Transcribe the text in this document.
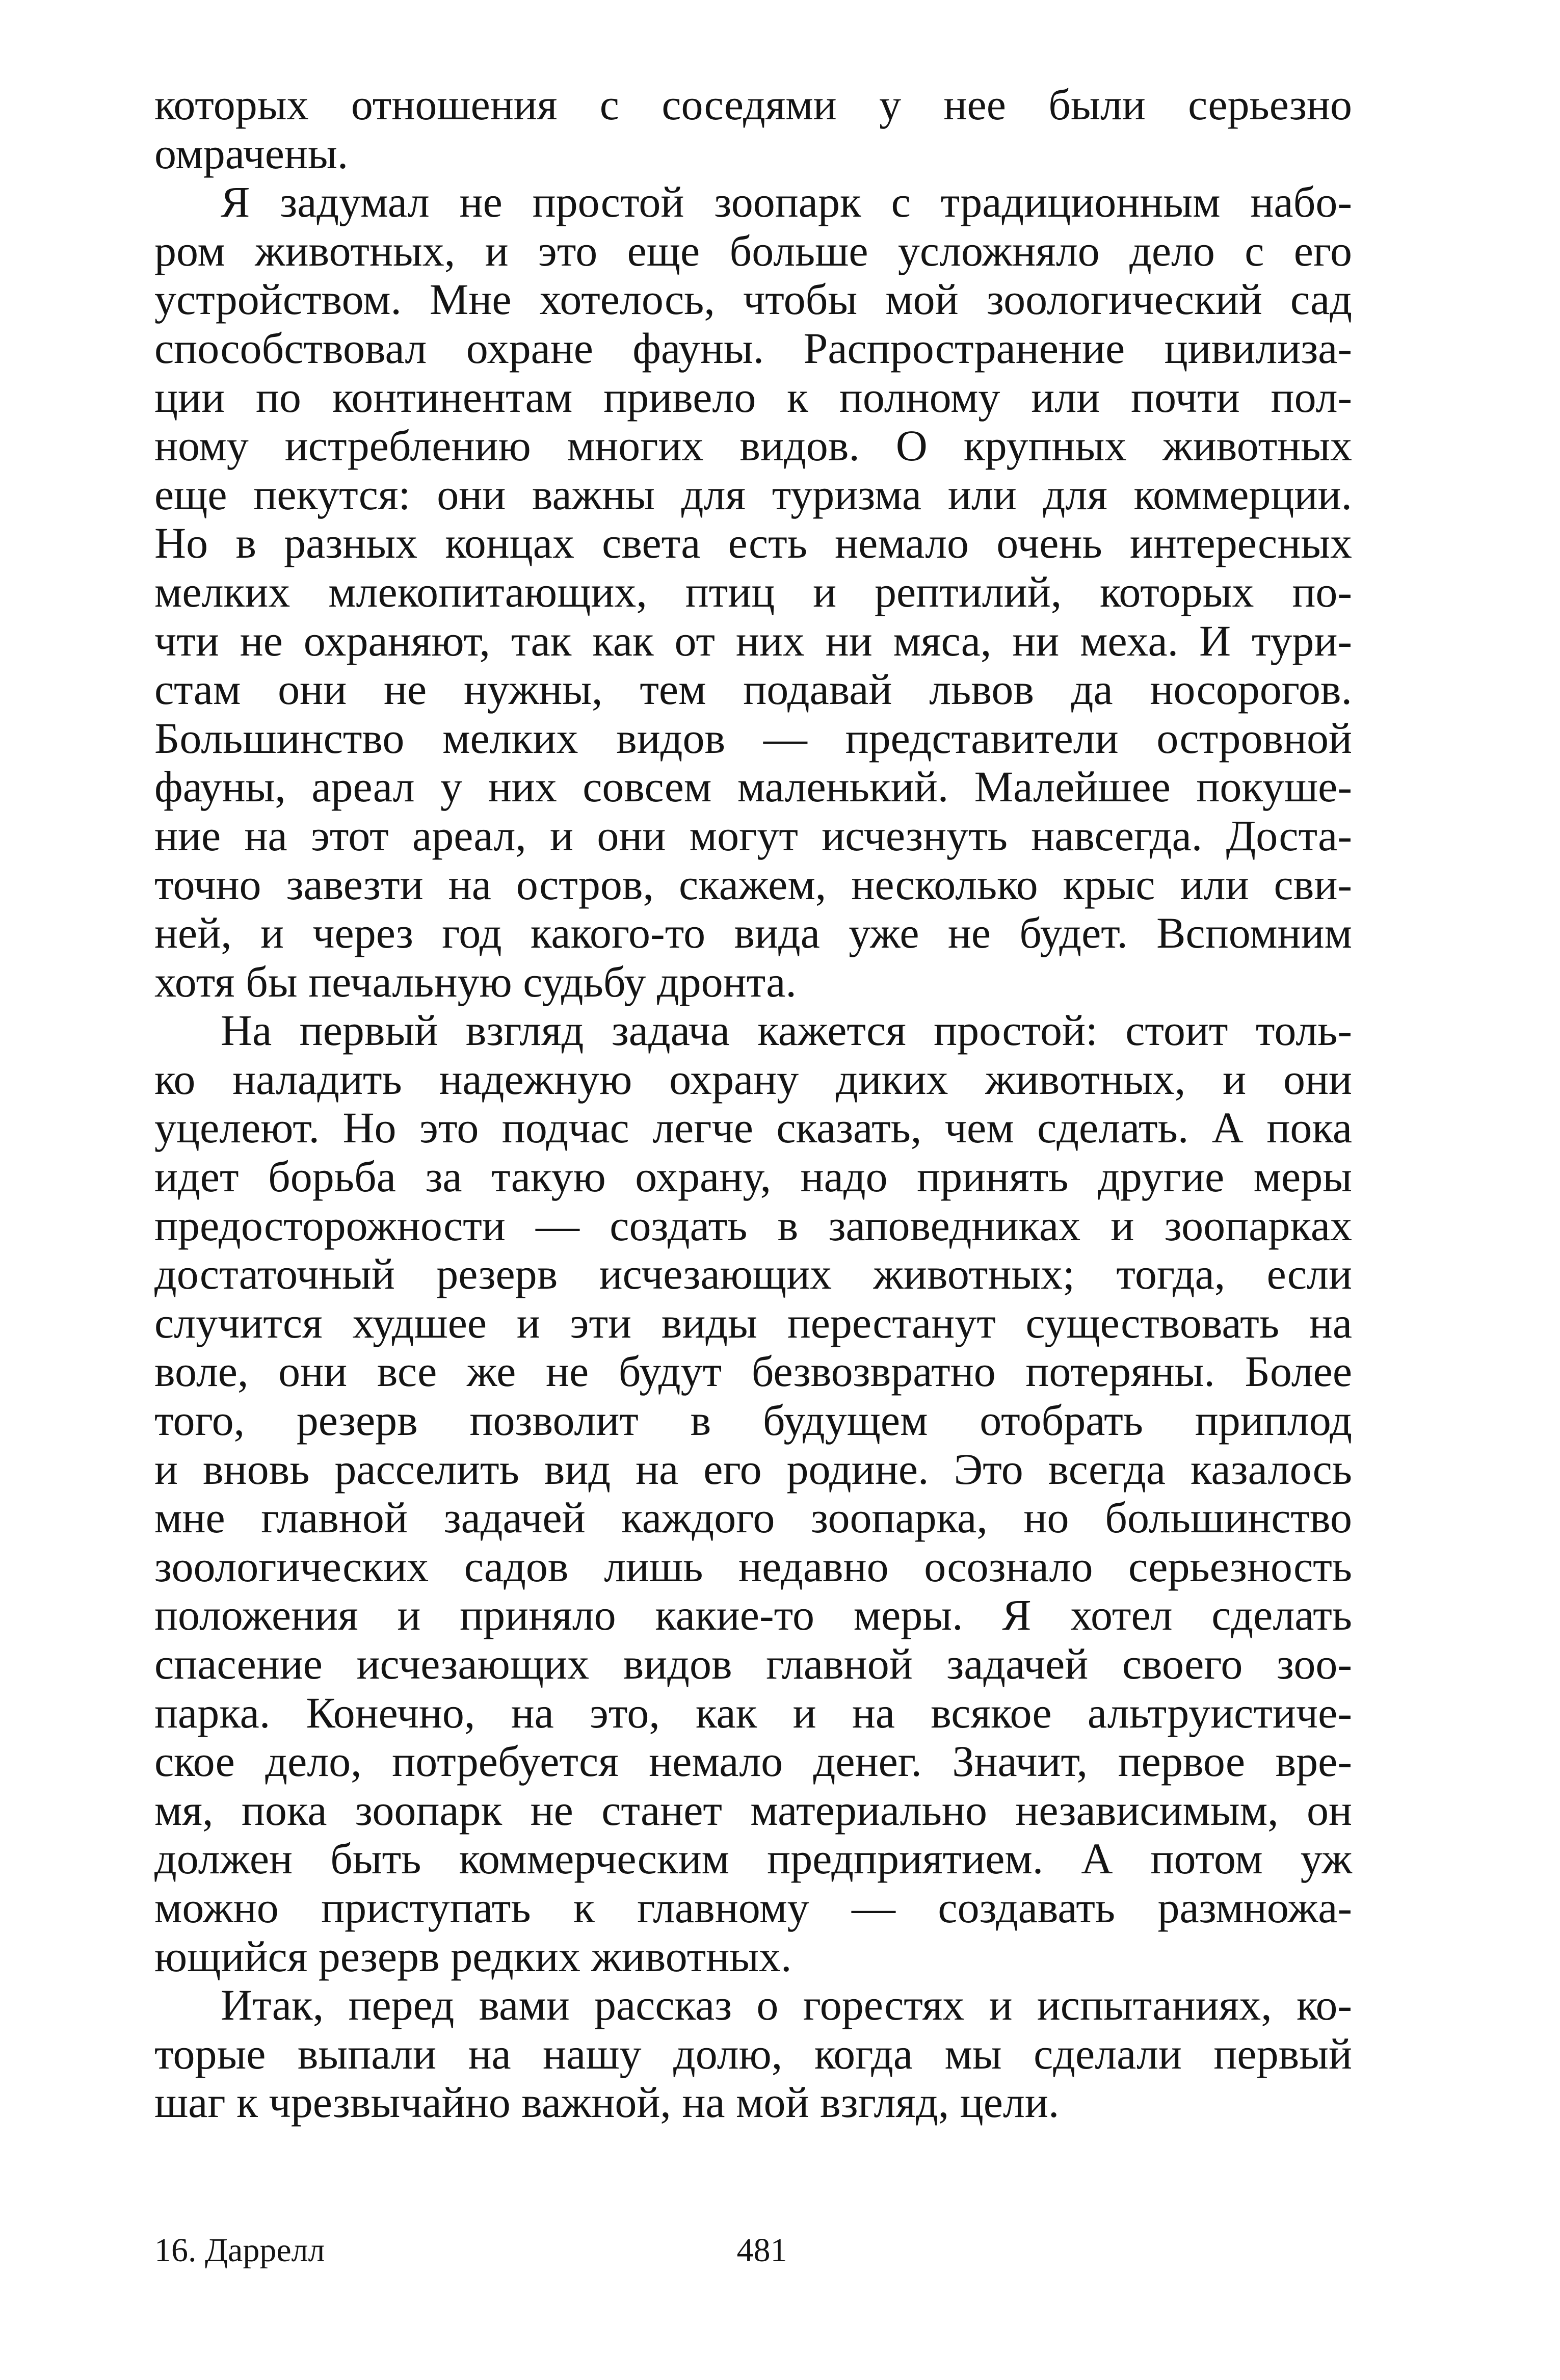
которых отношения с соседями у нее были серьезно
омрачены.
Я задумал не простой зоопарк с традиционным набо-
ром животных, и это еще больше усложняло дело с его
устройством. Мне хотелось, чтобы мой зоологический сад
способствовал охране фауны. Распространение цивилиза-
ции по континентам привело к полному или почти пол-
ному истреблению многих видов. О крупных животных
еще пекутся: они важны для туризма или для коммерции.
Но в разных концах света есть немало очень интересных
мелких млекопитающих, птиц и рептилий, которых по-
чти не охраняют, так как от них ни мяса, ни меха. И тури-
стам они не нужны, тем подавай львов да носорогов.
Большинство мелких видов — представители островной
фауны, ареал у них совсем маленький. Малейшее покуше-
ние на этот ареал, и они могут исчезнуть навсегда. Доста-
точно завезти на остров, скажем, несколько крыс или сви-
ней, и через год какого-то вида уже не будет. Вспомним
хотя бы печальную судьбу дронта.
На первый взгляд задача кажется простой: стоит толь-
ко наладить надежную охрану диких животных, и они
уцелеют. Но это подчас легче сказать, чем сделать. А пока
идет борьба за такую охрану, надо принять другие меры
предосторожности — создать в заповедниках и зоопарках
достаточный резерв исчезающих животных; тогда, если
случится худшее и эти виды перестанут существовать на
воле, они все же не будут безвозвратно потеряны. Более
того, резерв позволит в будущем отобрать приплод
и вновь расселить вид на его родине. Это всегда казалось
мне главной задачей каждого зоопарка, но большинство
зоологических садов лишь недавно осознало серьезность
положения и приняло какие-то меры. Я хотел сделать
спасение исчезающих видов главной задачей своего зоо-
парка. Конечно, на это, как и на всякое альтруистиче-
ское дело, потребуется немало денег. Значит, первое вре-
мя, пока зоопарк не станет материально независимым, он
должен быть коммерческим предприятием. А потом уж
можно приступать к главному — создавать размножа-
ющийся резерв редких животных.
Итак, перед вами рассказ о горестях и испытаниях, ко-
торые выпали на нашу долю, когда мы сделали первый
шаг к чрезвычайно важной, на мой взгляд, цели.
16. Даррелл	481
